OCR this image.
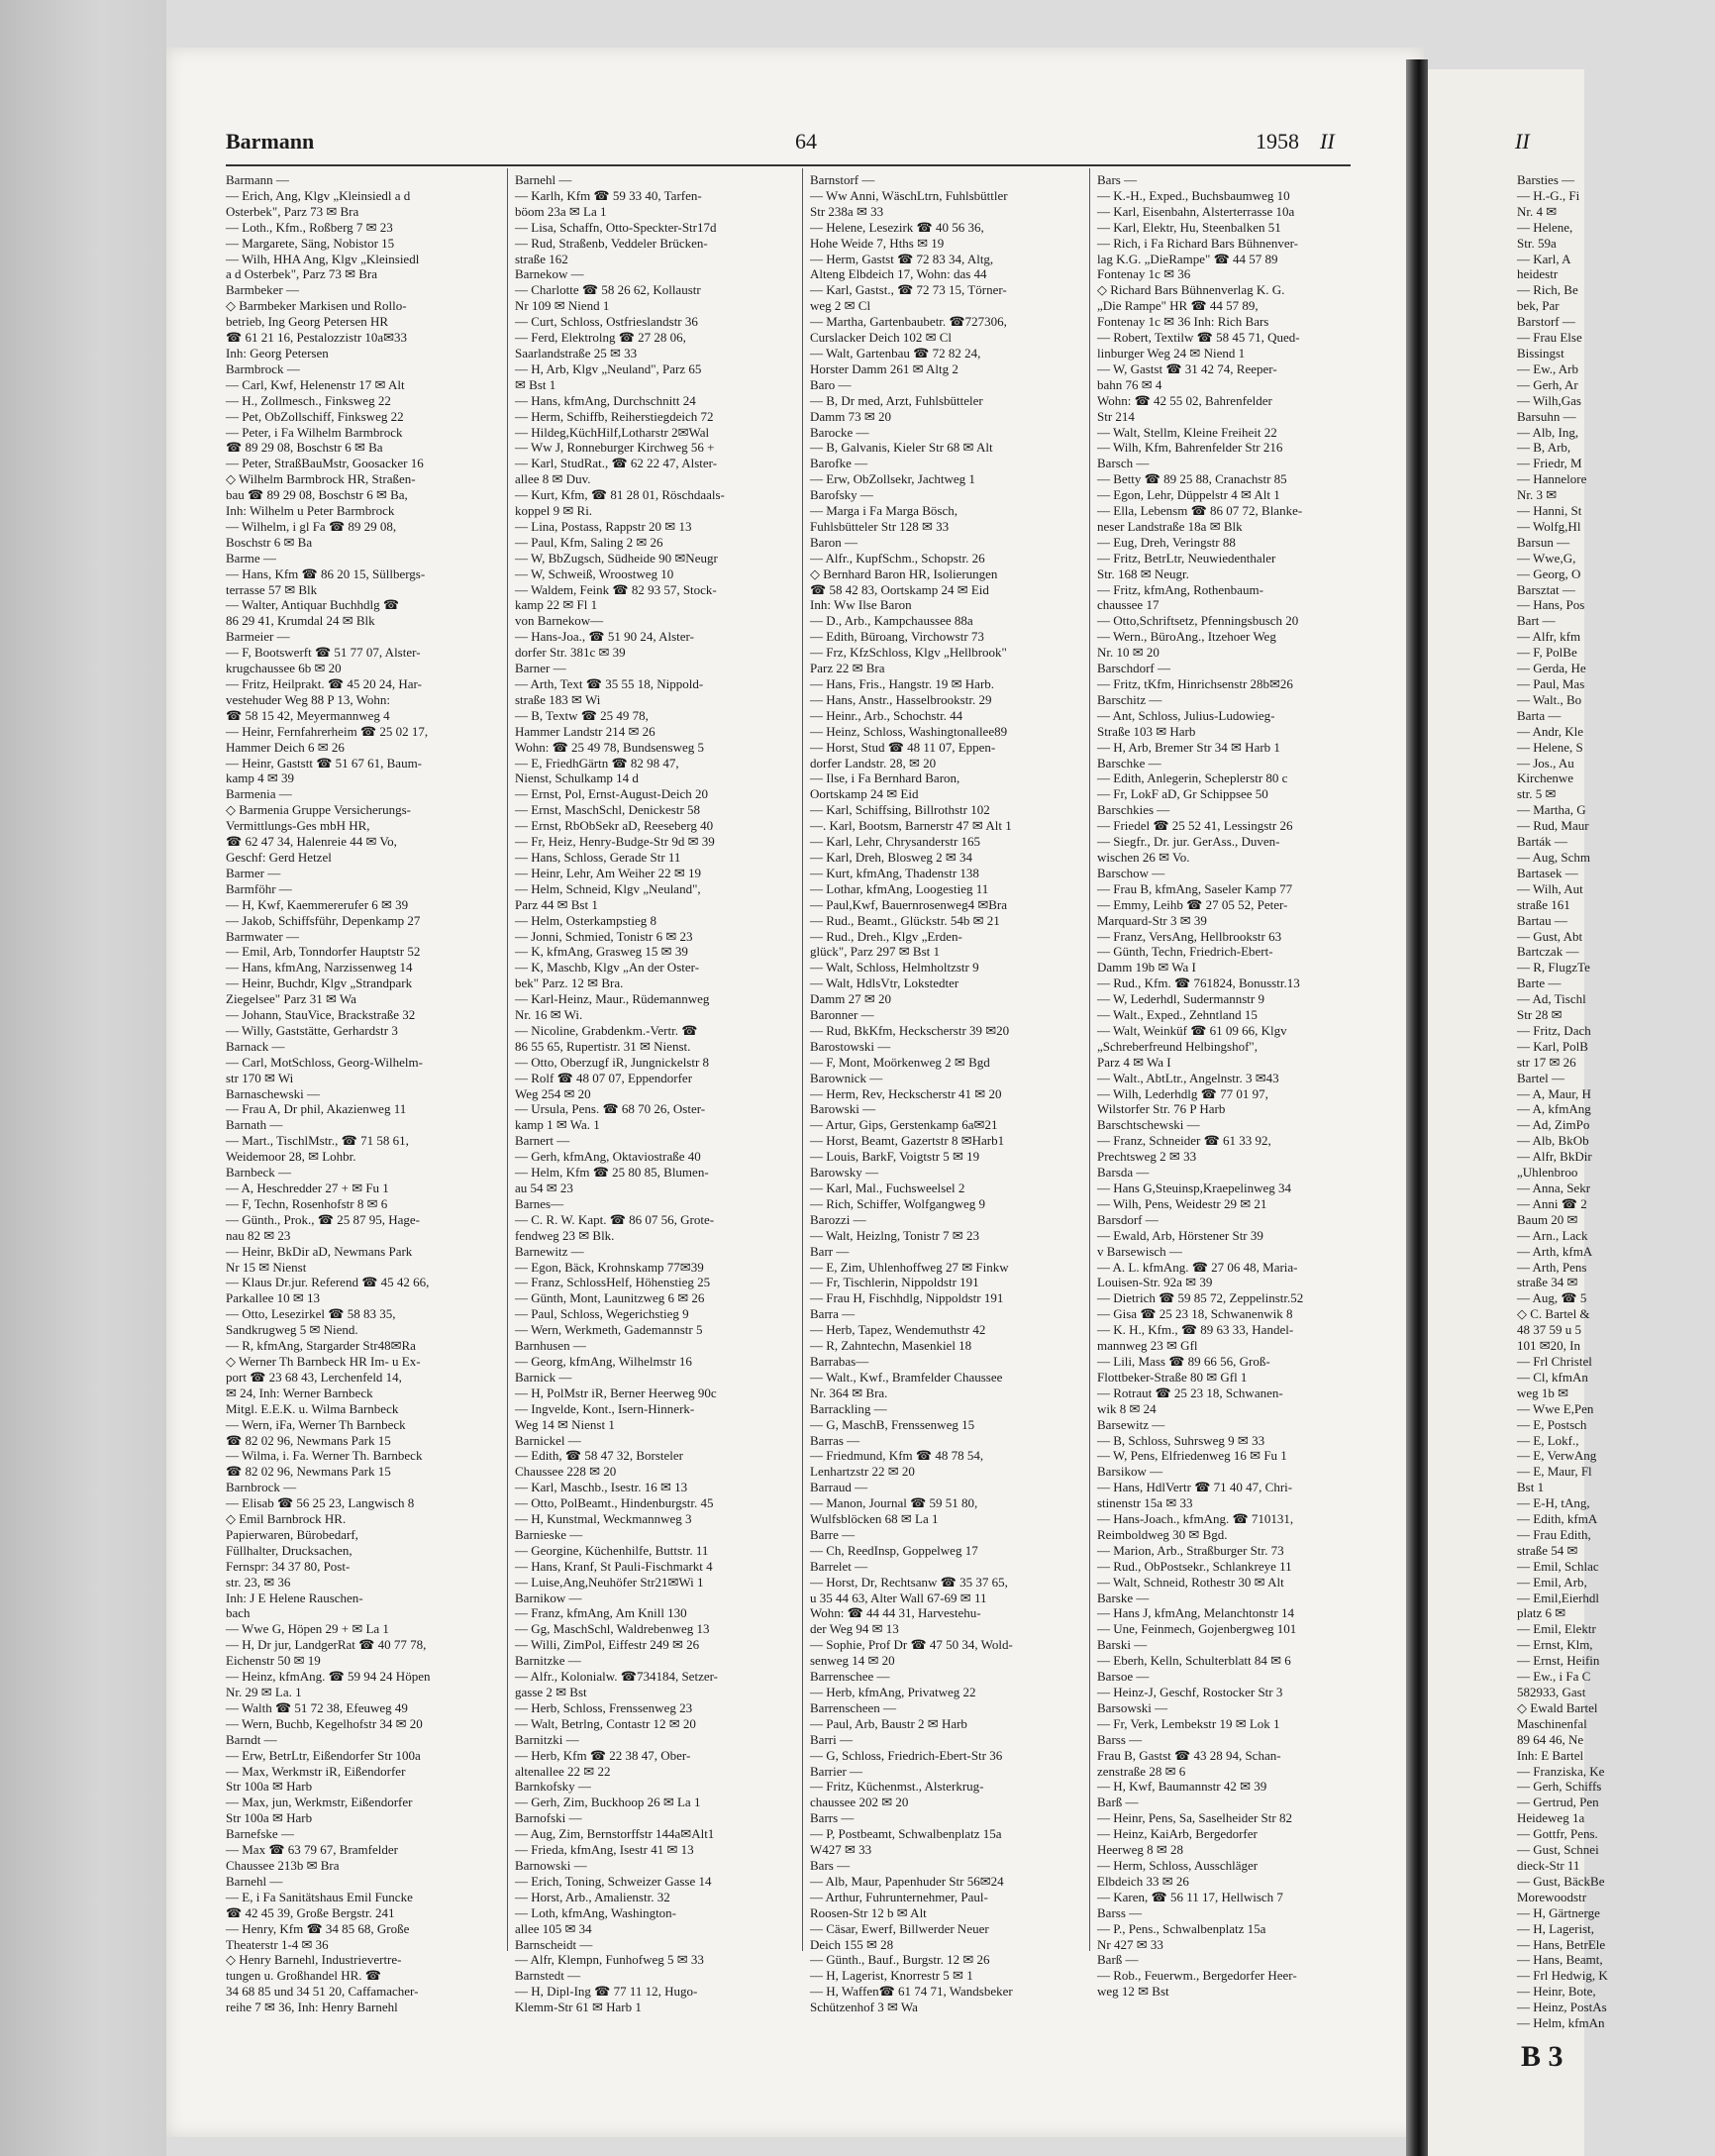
Barmann	64	1958 II
Barmann —
— Erich, Ang, Klgv „Kleinsiedl a d
Osterbek", Parz 73 ✉ Bra
— Loth., Kfm., Roßberg 7 ✉ 23
— Margarete, Säng, Nobistor 15
— Wilh, HHA Ang, Klgv „Kleinsiedl
a d Osterbek", Parz 73 ✉ Bra
Barmbeker —
◇ Barmbeker Markisen und Rollo-
betrieb, Ing Georg Petersen HR
☎ 61 21 16, Pestalozzistr 10a✉33
Inh: Georg Petersen
Barmbrock —
— Carl, Kwf, Helenenstr 17 ✉ Alt
— H., Zollmesch., Finksweg 22
— Pet, ObZollschiff, Finksweg 22
— Peter, i Fa Wilhelm Barmbrock
☎ 89 29 08, Boschstr 6 ✉ Ba
— Peter, StraßBauMstr, Goosacker 16
◇ Wilhelm Barmbrock HR, Straßen-
bau ☎ 89 29 08, Boschstr 6 ✉ Ba,
Inh: Wilhelm u Peter Barmbrock
— Wilhelm, i gl Fa ☎ 89 29 08,
Boschstr 6 ✉ Ba
Barme —
— Hans, Kfm ☎ 86 20 15, Süllbergs-
terrasse 57 ✉ Blk
— Walter, Antiquar Buchhdlg ☎
86 29 41, Krumdal 24 ✉ Blk
Barmeier —
— F, Bootswerft ☎ 51 77 07, Alster-
krugchaussee 6b ✉ 20
— Fritz, Heilprakt. ☎ 45 20 24, Har-
vestehuder Weg 88 P 13, Wohn:
☎ 58 15 42, Meyermannweg 4
— Heinr, Fernfahrerheim ☎ 25 02 17,
Hammer Deich 6 ✉ 26
— Heinr, Gaststt ☎ 51 67 61, Baum-
kamp 4 ✉ 39
Barmenia —
◇ Barmenia Gruppe Versicherungs-
Vermittlungs-Ges mbH HR,
☎ 62 47 34, Halenreie 44 ✉ Vo,
Geschf: Gerd Hetzel
Barmer —
Barmföhr —
— H, Kwf, Kaemmererufer 6 ✉ 39
— Jakob, Schiffsführ, Depenkamp 27
Barmwater —
— Emil, Arb, Tonndorfer Hauptstr 52
— Hans, kfmAng, Narzissenweg 14
— Heinr, Buchdr, Klgv „Strandpark
Ziegelsee" Parz 31 ✉ Wa
— Johann, StauVice, Brackstraße 32
— Willy, Gaststätte, Gerhardstr 3
Barnack —
— Carl, MotSchloss, Georg-Wilhelm-
str 170 ✉ Wi
Barnaschewski —
— Frau A, Dr phil, Akazienweg 11
Barnath —
— Mart., TischlMstr., ☎ 71 58 61,
Weidemoor 28, ✉ Lohbr.
Barnbeck —
— A, Heschredder 27 + ✉ Fu 1
— F, Techn, Rosenhofstr 8 ✉ 6
— Günth., Prok., ☎ 25 87 95, Hage-
nau 82 ✉ 23
— Heinr, BkDir aD, Newmans Park
Nr 15 ✉ Nienst
— Klaus Dr.jur. Referend ☎ 45 42 66,
Parkallee 10 ✉ 13
— Otto, Lesezirkel ☎ 58 83 35,
Sandkrugweg 5 ✉ Niend.
— R, kfmAng, Stargarder Str48✉Ra
◇ Werner Th Barnbeck HR Im- u Ex-
port ☎ 23 68 43, Lerchenfeld 14,
✉ 24, Inh: Werner Barnbeck
Mitgl. E.E.K. u. Wilma Barnbeck
— Wern, iFa, Werner Th Barnbeck
☎ 82 02 96, Newmans Park 15
— Wilma, i. Fa. Werner Th. Barnbeck
☎ 82 02 96, Newmans Park 15
Barnbrock —
— Elisab ☎ 56 25 23, Langwisch 8
◇ Emil Barnbrock HR.
Papierwaren, Bürobedarf,
Füllhalter, Drucksachen,
Fernspr: 34 37 80, Post-
str. 23, ✉ 36
Inh: J E Helene Rauschen-
bach
— Wwe G, Höpen 29 + ✉ La 1
— H, Dr jur, LandgerRat ☎ 40 77 78,
Eichenstr 50 ✉ 19
— Heinz, kfmAng. ☎ 59 94 24 Höpen
Nr. 29 ✉ La. 1
— Walth ☎ 51 72 38, Efeuweg 49
— Wern, Buchb, Kegelhofstr 34 ✉ 20
Barndt —
— Erw, BetrLtr, Eißendorfer Str 100a
— Max, Werkmstr iR, Eißendorfer
Str 100a ✉ Harb
— Max, jun, Werkmstr, Eißendorfer
Str 100a ✉ Harb
Barnefske —
— Max ☎ 63 79 67, Bramfelder
Chaussee 213b ✉ Bra
Barnehl —
— E, i Fa Sanitätshaus Emil Funcke
☎ 42 45 39, Große Bergstr. 241
— Henry, Kfm ☎ 34 85 68, Große
Theaterstr 1-4 ✉ 36
◇ Henry Barnehl, Industrievertre-
tungen u. Großhandel HR. ☎
34 68 85 und 34 51 20, Caffamacher-
reihe 7 ✉ 36, Inh: Henry Barnehl
Barnehl —
— Karlh, Kfm ☎ 59 33 40, Tarfen-
böom 23a ✉ La 1
— Lisa, Schaffn, Otto-Speckter-Str17d
— Rud, Straßenb, Veddeler Brücken-
straße 162
Barnekow —
— Charlotte ☎ 58 26 62, Kollaustr
Nr 109 ✉ Niend 1
— Curt, Schloss, Ostfrieslandstr 36
— Ferd, Elektrolng ☎ 27 28 06,
Saarlandstraße 25 ✉ 33
— H, Arb, Klgv „Neuland", Parz 65
✉ Bst 1
— Hans, kfmAng, Durchschnitt 24
— Herm, Schiffb, Reiherstiegdeich 72
— Hildeg,KüchHilf,Lotharstr 2✉Wal
— Ww J, Ronneburger Kirchweg 56 +
— Karl, StudRat., ☎ 62 22 47, Alster-
allee 8 ✉ Duv.
— Kurt, Kfm, ☎ 81 28 01, Röschdaals-
koppel 9 ✉ Ri.
— Lina, Postass, Rappstr 20 ✉ 13
— Paul, Kfm, Saling 2 ✉ 26
— W, BbZugsch, Südheide 90 ✉Neugr
— W, Schweiß, Wroostweg 10
— Waldem, Feink ☎ 82 93 57, Stock-
kamp 22 ✉ Fl 1
von Barnekow—
— Hans-Joa., ☎ 51 90 24, Alster-
dorfer Str. 381c ✉ 39
Barner —
— Arth, Text ☎ 35 55 18, Nippold-
straße 183 ✉ Wi
— B, Textw ☎ 25 49 78,
Hammer Landstr 214 ✉ 26
Wohn: ☎ 25 49 78, Bundsensweg 5
— E, FriedhGärtn ☎ 82 98 47,
Nienst, Schulkamp 14 d
— Ernst, Pol, Ernst-August-Deich 20
— Ernst, MaschSchl, Denickestr 58
— Ernst, RbObSekr aD, Reeseberg 40
— Fr, Heiz, Henry-Budge-Str 9d ✉ 39
— Hans, Schloss, Gerade Str 11
— Heinr, Lehr, Am Weiher 22 ✉ 19
— Helm, Schneid, Klgv „Neuland",
Parz 44 ✉ Bst 1
— Helm, Osterkampstieg 8
— Jonni, Schmied, Tonistr 6 ✉ 23
— K, kfmAng, Grasweg 15 ✉ 39
— K, Maschb, Klgv „An der Oster-
bek" Parz. 12 ✉ Bra.
— Karl-Heinz, Maur., Rüdemannweg
Nr. 16 ✉ Wi.
— Nicoline, Grabdenkm.-Vertr. ☎
86 55 65, Rupertistr. 31 ✉ Nienst.
— Otto, Oberzugf iR, Jungnickelstr 8
— Rolf ☎ 48 07 07, Eppendorfer
Weg 254 ✉ 20
— Ursula, Pens. ☎ 68 70 26, Oster-
kamp 1 ✉ Wa. 1
Barnert —
— Gerh, kfmAng, Oktaviostraße 40
— Helm, Kfm ☎ 25 80 85, Blumen-
au 54 ✉ 23
Barnes—
— C. R. W. Kapt. ☎ 86 07 56, Grote-
fendweg 23 ✉ Blk.
Barnewitz —
— Egon, Bäck, Krohnskamp 77✉39
— Franz, SchlossHelf, Höhenstieg 25
— Günth, Mont, Launitzweg 6 ✉ 26
— Paul, Schloss, Wegerichstieg 9
— Wern, Werkmeth, Gademannstr 5
Barnhusen —
— Georg, kfmAng, Wilhelmstr 16
Barnick —
— H, PolMstr iR, Berner Heerweg 90c
— Ingvelde, Kont., Isern-Hinnerk-
Weg 14 ✉ Nienst 1
Barnickel —
— Edith, ☎ 58 47 32, Borsteler
Chaussee 228 ✉ 20
— Karl, Maschb., Isestr. 16 ✉ 13
— Otto, PolBeamt., Hindenburgstr. 45
— H, Kunstmal, Weckmannweg 3
Barnieske —
— Georgine, Küchenhilfe, Buttstr. 11
— Hans, Kranf, St Pauli-Fischmarkt 4
— Luise,Ang,Neuhöfer Str21✉Wi 1
Barnikow —
— Franz, kfmAng, Am Knill 130
— Gg, MaschSchl, Waldrebenweg 13
— Willi, ZimPol, Eiffestr 249 ✉ 26
Barnitzke —
— Alfr., Kolonialw. ☎734184, Setzer-
gasse 2 ✉ Bst
— Herb, Schloss, Frenssenweg 23
— Walt, Betrlng, Contastr 12 ✉ 20
Barnitzki —
— Herb, Kfm ☎ 22 38 47, Ober-
altenallee 22 ✉ 22
Barnkofsky —
— Gerh, Zim, Buckhoop 26 ✉ La 1
Barnofski —
— Aug, Zim, Bernstorffstr 144a✉Alt1
— Frieda, kfmAng, Isestr 41 ✉ 13
Barnowski —
— Erich, Toning, Schweizer Gasse 14
— Horst, Arb., Amalienstr. 32
— Loth, kfmAng, Washington-
allee 105 ✉ 34
Barnscheidt —
— Alfr, Klempn, Funhofweg 5 ✉ 33
Barnstedt —
— H, Dipl-Ing ☎ 77 11 12, Hugo-
Klemm-Str 61 ✉ Harb 1
Barnstorf —
— Ww Anni, WäschLtrn, Fuhlsbüttler
Str 238a ✉ 33
— Helene, Lesezirk ☎ 40 56 36,
Hohe Weide 7, Hths ✉ 19
— Herm, Gastst ☎ 72 83 34, Altg,
Alteng Elbdeich 17, Wohn: das 44
— Karl, Gastst., ☎ 72 73 15, Törner-
weg 2 ✉ Cl
— Martha, Gartenbaubetr. ☎727306,
Curslacker Deich 102 ✉ Cl
— Walt, Gartenbau ☎ 72 82 24,
Horster Damm 261 ✉ Altg 2
Baro —
— B, Dr med, Arzt, Fuhlsbütteler
Damm 73 ✉ 20
Barocke —
— B, Galvanis, Kieler Str 68 ✉ Alt
Barofke —
— Erw, ObZollsekr, Jachtweg 1
Barofsky —
— Marga i Fa Marga Bösch,
Fuhlsbütteler Str 128 ✉ 33
Baron —
— Alfr., KupfSchm., Schopstr. 26
◇ Bernhard Baron HR, Isolierungen
☎ 58 42 83, Oortskamp 24 ✉ Eid
Inh: Ww Ilse Baron
— D., Arb., Kampchaussee 88a
— Edith, Büroang, Virchowstr 73
— Frz, KfzSchloss, Klgv „Hellbrook"
Parz 22 ✉ Bra
— Hans, Fris., Hangstr. 19 ✉ Harb.
— Hans, Anstr., Hasselbrookstr. 29
— Heinr., Arb., Schochstr. 44
— Heinz, Schloss, Washingtonallee89
— Horst, Stud ☎ 48 11 07, Eppen-
dorfer Landstr. 28, ✉ 20
— Ilse, i Fa Bernhard Baron,
Oortskamp 24 ✉ Eid
— Karl, Schiffsing, Billrothstr 102
—. Karl, Bootsm, Barnerstr 47 ✉ Alt 1
— Karl, Lehr, Chrysanderstr 165
— Karl, Dreh, Blosweg 2 ✉ 34
— Kurt, kfmAng, Thadenstr 138
— Lothar, kfmAng, Loogestieg 11
— Paul,Kwf, Bauernrosenweg4 ✉Bra
— Rud., Beamt., Glückstr. 54b ✉ 21
— Rud., Dreh., Klgv „Erden-
glück", Parz 297 ✉ Bst 1
— Walt, Schloss, Helmholtzstr 9
— Walt, HdlsVtr, Lokstedter
Damm 27 ✉ 20
Baronner —
— Rud, BkKfm, Heckscherstr 39 ✉20
Barostowski —
— F, Mont, Moörkenweg 2 ✉ Bgd
Barownick —
— Herm, Rev, Heckscherstr 41 ✉ 20
Barowski —
— Artur, Gips, Gerstenkamp 6a✉21
— Horst, Beamt, Gazertstr 8 ✉Harb1
— Louis, BarkF, Voigtstr 5 ✉ 19
Barowsky —
— Karl, Mal., Fuchsweelsel 2
— Rich, Schiffer, Wolfgangweg 9
Barozzi —
— Walt, Heizlng, Tonistr 7 ✉ 23
Barr —
— E, Zim, Uhlenhoffweg 27 ✉ Finkw
— Fr, Tischlerin, Nippoldstr 191
— Frau H, Fischhdlg, Nippoldstr 191
Barra —
— Herb, Tapez, Wendemuthstr 42
— R, Zahntechn, Masenkiel 18
Barrabas—
— Walt., Kwf., Bramfelder Chaussee
Nr. 364 ✉ Bra.
Barrackling —
— G, MaschB, Frenssenweg 15
Barras —
— Friedmund, Kfm ☎ 48 78 54,
Lenhartzstr 22 ✉ 20
Barraud —
— Manon, Journal ☎ 59 51 80,
Wulfsblöcken 68 ✉ La 1
Barre —
— Ch, ReedInsp, Goppelweg 17
Barrelet —
— Horst, Dr, Rechtsanw ☎ 35 37 65,
u 35 44 63, Alter Wall 67-69 ✉ 11
Wohn: ☎ 44 44 31, Harvestehu-
der Weg 94 ✉ 13
— Sophie, Prof Dr ☎ 47 50 34, Wold-
senweg 14 ✉ 20
Barrenschee —
— Herb, kfmAng, Privatweg 22
Barrenscheen —
— Paul, Arb, Baustr 2 ✉ Harb
Barri —
— G, Schloss, Friedrich-Ebert-Str 36
Barrier —
— Fritz, Küchenmst., Alsterkrug-
chaussee 202 ✉ 20
Barrs —
— P, Postbeamt, Schwalbenplatz 15a
W427 ✉ 33
Bars —
— Alb, Maur, Papenhuder Str 56✉24
— Arthur, Fuhrunternehmer, Paul-
Roosen-Str 12 b ✉ Alt
— Cäsar, Ewerf, Billwerder Neuer
Deich 155 ✉ 28
— Günth., Bauf., Burgstr. 12 ✉ 26
— H, Lagerist, Knorrestr 5 ✉ 1
— H, Waffen☎ 61 74 71, Wandsbeker
Schützenhof 3 ✉ Wa
Bars —
— K.-H., Exped., Buchsbaumweg 10
— Karl, Eisenbahn, Alsterterrasse 10a
— Karl, Elektr, Hu, Steenbalken 51
— Rich, i Fa Richard Bars Bühnenver-
lag K.G. „DieRampe" ☎ 44 57 89
Fontenay 1c ✉ 36
◇ Richard Bars Bühnenverlag K. G.
„Die Rampe" HR ☎ 44 57 89,
Fontenay 1c ✉ 36 Inh: Rich Bars
— Robert, Textilw ☎ 58 45 71, Qued-
linburger Weg 24 ✉ Niend 1
— W, Gastst ☎ 31 42 74, Reeper-
bahn 76 ✉ 4
Wohn: ☎ 42 55 02, Bahrenfelder
Str 214
— Walt, Stellm, Kleine Freiheit 22
— Wilh, Kfm, Bahrenfelder Str 216
Barsch —
— Betty ☎ 89 25 88, Cranachstr 85
— Egon, Lehr, Düppelstr 4 ✉ Alt 1
— Ella, Lebensm ☎ 86 07 72, Blanke-
neser Landstraße 18a ✉ Blk
— Eug, Dreh, Veringstr 88
— Fritz, BetrLtr, Neuwiedenthaler
Str. 168 ✉ Neugr.
— Fritz, kfmAng, Rothenbaum-
chaussee 17
— Otto,Schriftsetz, Pfenningsbusch 20
— Wern., BüroAng., Itzehoer Weg
Nr. 10 ✉ 20
Barschdorf —
— Fritz, tKfm, Hinrichsenstr 28b✉26
Barschitz —
— Ant, Schloss, Julius-Ludowieg-
Straße 103 ✉ Harb
— H, Arb, Bremer Str 34 ✉ Harb 1
Barschke —
— Edith, Anlegerin, Scheplerstr 80 c
— Fr, LokF aD, Gr Schippsee 50
Barschkies —
— Friedel ☎ 25 52 41, Lessingstr 26
— Siegfr., Dr. jur. GerAss., Duven-
wischen 26 ✉ Vo.
Barschow —
— Frau B, kfmAng, Saseler Kamp 77
— Emmy, Leihb ☎ 27 05 52, Peter-
Marquard-Str 3 ✉ 39
— Franz, VersAng, Hellbrookstr 63
— Günth, Techn, Friedrich-Ebert-
Damm 19b ✉ Wa I
— Rud., Kfm. ☎ 761824, Bonusstr.13
— W, Lederhdl, Sudermannstr 9
— Walt., Exped., Zehntland 15
— Walt, Weinküf ☎ 61 09 66, Klgv
„Schreberfreund Helbingshof",
Parz 4 ✉ Wa I
— Walt., AbtLtr., Angelnstr. 3 ✉43
— Wilh, Lederhdlg ☎ 77 01 97,
Wilstorfer Str. 76 P Harb
Barschtschewski —
— Franz, Schneider ☎ 61 33 92,
Prechtsweg 2 ✉ 33
Barsda —
— Hans G,Steuinsp,Kraepelinweg 34
— Wilh, Pens, Weidestr 29 ✉ 21
Barsdorf —
— Ewald, Arb, Hörstener Str 39
v Barsewisch —
— A. L. kfmAng. ☎ 27 06 48, Maria-
Louisen-Str. 92a ✉ 39
— Dietrich ☎ 59 85 72, Zeppelinstr.52
— Gisa ☎ 25 23 18, Schwanenwik 8
— K. H., Kfm., ☎ 89 63 33, Handel-
mannweg 23 ✉ Gfl
— Lili, Mass ☎ 89 66 56, Groß-
Flottbeker-Straße 80 ✉ Gfl 1
— Rotraut ☎ 25 23 18, Schwanen-
wik 8 ✉ 24
Barsewitz —
— B, Schloss, Suhrsweg 9 ✉ 33
— W, Pens, Elfriedenweg 16 ✉ Fu 1
Barsikow —
— Hans, HdlVertr ☎ 71 40 47, Chri-
stinenstr 15a ✉ 33
— Hans-Joach., kfmAng. ☎ 710131,
Reimboldweg 30 ✉ Bgd.
— Marion, Arb., Straßburger Str. 73
— Rud., ObPostsekr., Schlankreye 11
— Walt, Schneid, Rothestr 30 ✉ Alt
Barske —
— Hans J, kfmAng, Melanchtonstr 14
— Une, Feinmech, Gojenbergweg 101
Barski —
— Eberh, Kelln, Schulterblatt 84 ✉ 6
Barsoe —
— Heinz-J, Geschf, Rostocker Str 3
Barsowski —
— Fr, Verk, Lembekstr 19 ✉ Lok 1
Barss —
Frau B, Gastst ☎ 43 28 94, Schan-
zenstraße 28 ✉ 6
— H, Kwf, Baumannstr 42 ✉ 39
Barß —
— Heinr, Pens, Sa, Saselheider Str 82
— Heinz, KaiArb, Bergedorfer
Heerweg 8 ✉ 28
— Herm, Schloss, Ausschläger
Elbdeich 33 ✉ 26
— Karen, ☎ 56 11 17, Hellwisch 7
Barss —
— P., Pens., Schwalbenplatz 15a
Nr 427 ✉ 33
Barß —
— Rob., Feuerwm., Bergedorfer Heer-
weg 12 ✉ Bst
II
Barsties —
— H.-G., Fi
Nr. 4 ✉
— Helene,
Str. 59a
— Karl, A
heidestr
— Rich, Be
bek, Par
Barstorf —
— Frau Else
Bissingst
— Ew., Arb
— Gerh, Ar
— Wilh,Gas
Barsuhn —
— Alb, Ing,
— B, Arb,
— Friedr, M
— Hannelore
Nr. 3 ✉
— Hanni, St
— Wolfg,Hl
Barsun —
— Wwe,G,
— Georg, O
Barsztat —
— Hans, Pos
Bart —
— Alfr, kfm
— F, PolBe
— Gerda, He
— Paul, Mas
— Walt., Bo
Barta —
— Andr, Kle
— Helene, S
— Jos., Au
Kirchenwe
str. 5 ✉
— Martha, G
— Rud, Maur
Barták —
— Aug, Schm
Bartasek —
— Wilh, Aut
straße 161
Bartau —
— Gust, Abt
Bartczak —
— R, FlugzTe
Barte —
— Ad, Tischl
Str 28 ✉
— Fritz, Dach
— Karl, PolB
str 17 ✉ 26
Bartel —
— A, Maur, H
— A, kfmAng
— Ad, ZimPo
— Alb, BkOb
— Alfr, BkDir
„Uhlenbroo
— Anna, Sekr
— Anni ☎ 2
Baum 20 ✉
— Arn., Lack
— Arth, kfmA
— Arth, Pens
straße 34 ✉
— Aug, ☎ 5
◇ C. Bartel &
48 37 59 u 5
101 ✉20, In
— Frl Christel
— Cl, kfmAn
weg 1b ✉
— Wwe E,Pen
— E, Postsch
— E, Lokf.,
— E, VerwAng
— E, Maur, Fl
Bst 1
— E-H, tAng,
— Edith, kfmA
— Frau Edith,
straße 54 ✉
— Emil, Schlac
— Emil, Arb,
— Emil,Eierhdl
platz 6 ✉
— Emil, Elektr
— Ernst, Klm,
— Ernst, Heifin
— Ew., i Fa C
582933, Gast
◇ Ewald Bartel
Maschinenfal
89 64 46, Ne
Inh: E Bartel
— Franziska, Ke
— Gerh, Schiffs
— Gertrud, Pen
Heideweg 1a
— Gottfr, Pens.
— Gust, Schnei
dieck-Str 11
— Gust, BäckBe
Morewoodstr
— H, Gärtnerge
— H, Lagerist,
— Hans, BetrEle
— Hans, Beamt,
— Frl Hedwig, K
— Heinr, Bote,
— Heinz, PostAs
— Helm, kfmAn
B 3
